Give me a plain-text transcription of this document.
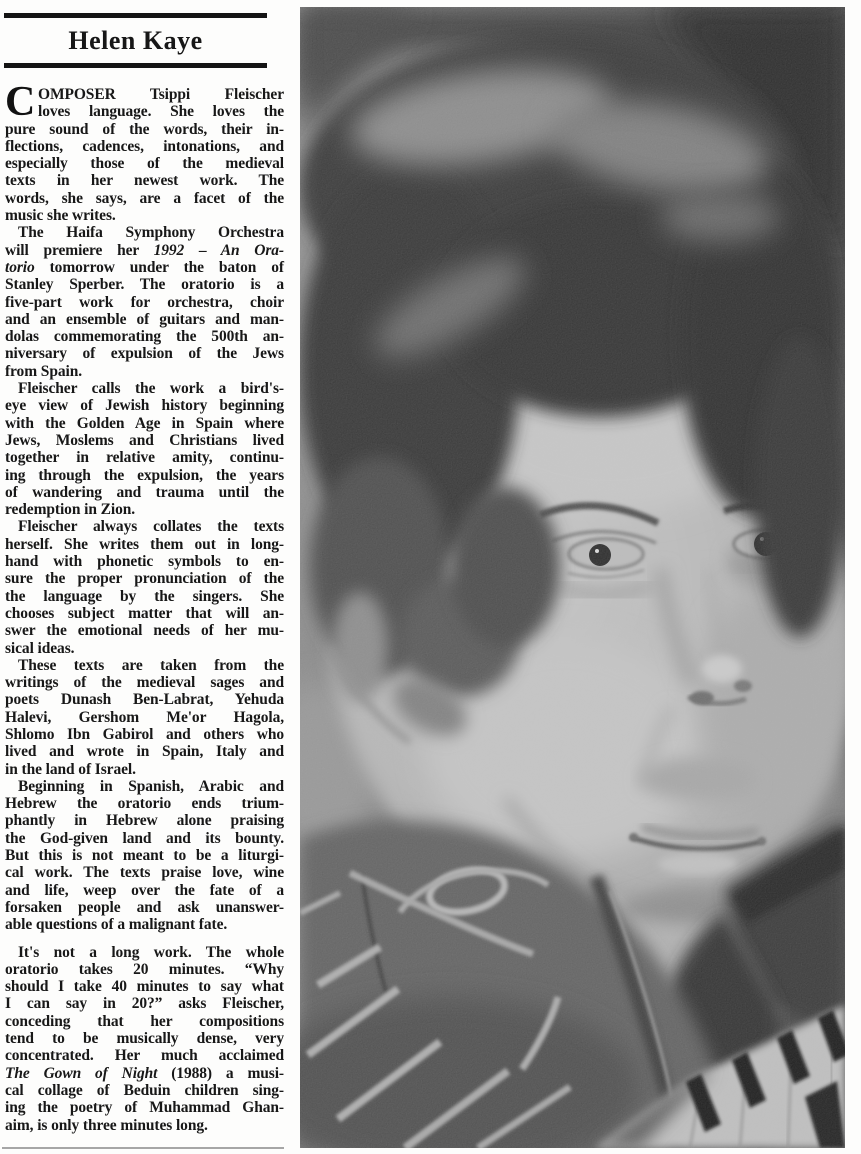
Helen Kaye

C OMPOSER Tsippi Fleischer
loves language. She loves the
pure sound of the words, their in-
flections, cadences, intonations, and
especially those of the medieval
texts in her newest work. The
words, she says, are a facet of the
music she writes.

The Haifa Symphony Orchestra
will premiere her 1992 – An Ora-
torio tomorrow under the baton of
Stanley Sperber. The oratorio is a
five-part work for orchestra, choir
and an ensemble of guitars and man-
dolas commemorating the 500th an-
niversary of expulsion of the Jews
from Spain.

Fleischer calls the work a bird's-
eye view of Jewish history beginning
with the Golden Age in Spain where
Jews, Moslems and Christians lived
together in relative amity, continu-
ing through the expulsion, the years
of wandering and trauma until the
redemption in Zion.

Fleischer always collates the texts
herself. She writes them out in long-
hand with phonetic symbols to en-
sure the proper pronunciation of the
the language by the singers. She
chooses subject matter that will an-
swer the emotional needs of her mu-
sical ideas.

These texts are taken from the
writings of the medieval sages and
poets Dunash Ben-Labrat, Yehuda
Halevi, Gershom Me'or Hagola,
Shlomo Ibn Gabirol and others who
lived and wrote in Spain, Italy and
in the land of Israel.

Beginning in Spanish, Arabic and
Hebrew the oratorio ends trium-
phantly in Hebrew alone praising
the God-given land and its bounty.
But this is not meant to be a liturgi-
cal work. The texts praise love, wine
and life, weep over the fate of a
forsaken people and ask unanswer-
able questions of a malignant fate.

It's not a long work. The whole
oratorio takes 20 minutes. “Why
should I take 40 minutes to say what
I can say in 20?” asks Fleischer,
conceding that her compositions
tend to be musically dense, very
concentrated. Her much acclaimed
The Gown of Night (1988) a musi-
cal collage of Beduin children sing-
ing the poetry of Muhammad Ghan-
aim, is only three minutes long.
